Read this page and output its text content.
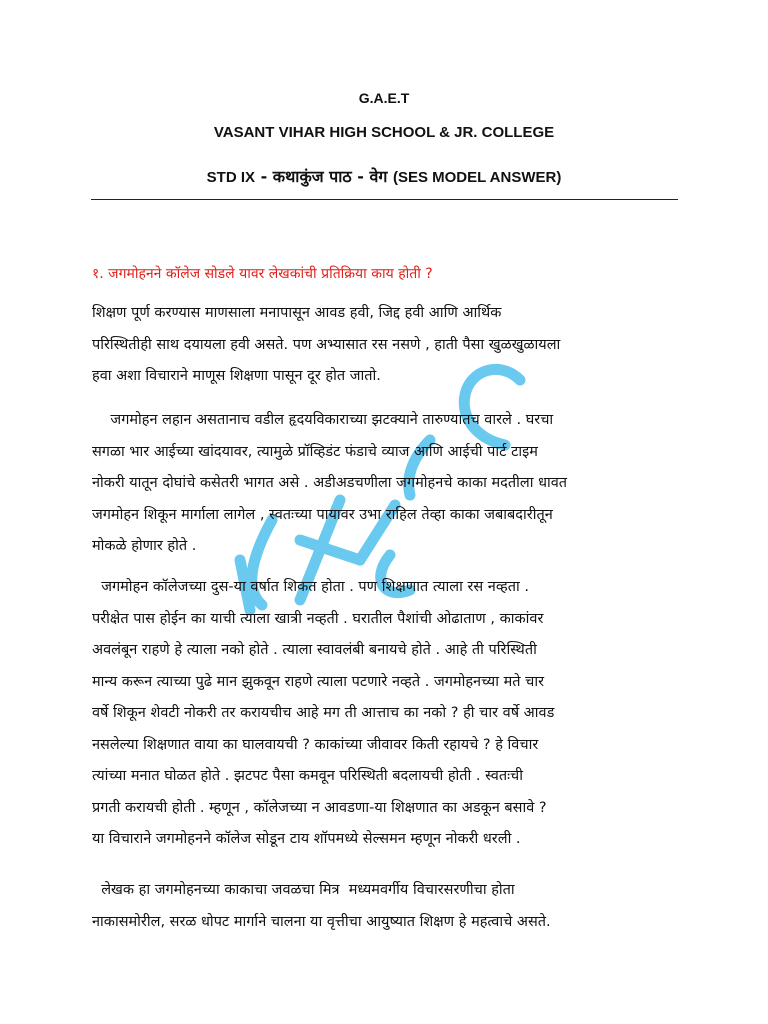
G.A.E.T
VASANT VIHAR HIGH SCHOOL & JR. COLLEGE
STD IX - कथाकुंज पाठ - वेग (SES MODEL ANSWER)
१. जगमोहनने कॉलेज सोडले यावर लेखकांची प्रतिक्रिया काय होती ?
शिक्षण पूर्ण करण्यास माणसाला मनापासून आवड हवी, जिद्द हवी आणि आर्थिक
परिस्थितीही साथ दयायला हवी असते. पण अभ्यासात रस नसणे , हाती पैसा खुळखुळायला
हवा अशा विचाराने माणूस शिक्षणा पासून दूर होत जातो.
जगमोहन लहान असतानाच वडील हृदयविकाराच्या झटक्याने तारुण्यातच वारले . घरचा
सगळा भार आईच्या खांदयावर, त्यामुळे प्रॉव्हिडंट फंडाचे व्याज आणि आईची पार्ट टाइम
नोकरी यातून दोघांचे कसेतरी भागत असे . अडीअडचणीला जगमोहनचे काका मदतीला धावत
जगमोहन शिकून मार्गाला लागेल , स्वतःच्या पायावर उभा राहिल तेव्हा काका जबाबदारीतून
मोकळे होणार होते .
जगमोहन कॉलेजच्या दुस-या वर्षात शिकत होता . पण शिक्षणात त्याला रस नव्हता .
परीक्षेत पास होईन का याची त्याला खात्री नव्हती . घरातील पैशांची ओढाताण , काकांवर
अवलंबून राहणे हे त्याला नको होते . त्याला स्वावलंबी बनायचे होते . आहे ती परिस्थिती
मान्य करून त्याच्या पुढे मान झुकवून राहणे त्याला पटणारे नव्हते . जगमोहनच्या मते चार
वर्षे शिकून शेवटी नोकरी तर करायचीच आहे मग ती आत्ताच का नको ? ही चार वर्षे आवड
नसलेल्या शिक्षणात वाया का घालवायची ? काकांच्या जीवावर किती रहायचे ? हे विचार
त्यांच्या मनात घोळत होते . झटपट पैसा कमवून परिस्थिती बदलायची होती . स्वतःची
प्रगती करायची होती . म्हणून , कॉलेजच्या न आवडणा-या शिक्षणात का अडकून बसावे ?
या विचाराने जगमोहनने कॉलेज सोडून टाय शॉपमध्ये सेल्समन म्हणून नोकरी धरली .
लेखक हा जगमोहनच्या काकाचा जवळचा मित्र  मध्यमवर्गीय विचारसरणीचा होता
नाकासमोरील, सरळ धोपट मार्गाने चालना या वृत्तीचा आयुष्यात शिक्षण हे महत्वाचे असते.
